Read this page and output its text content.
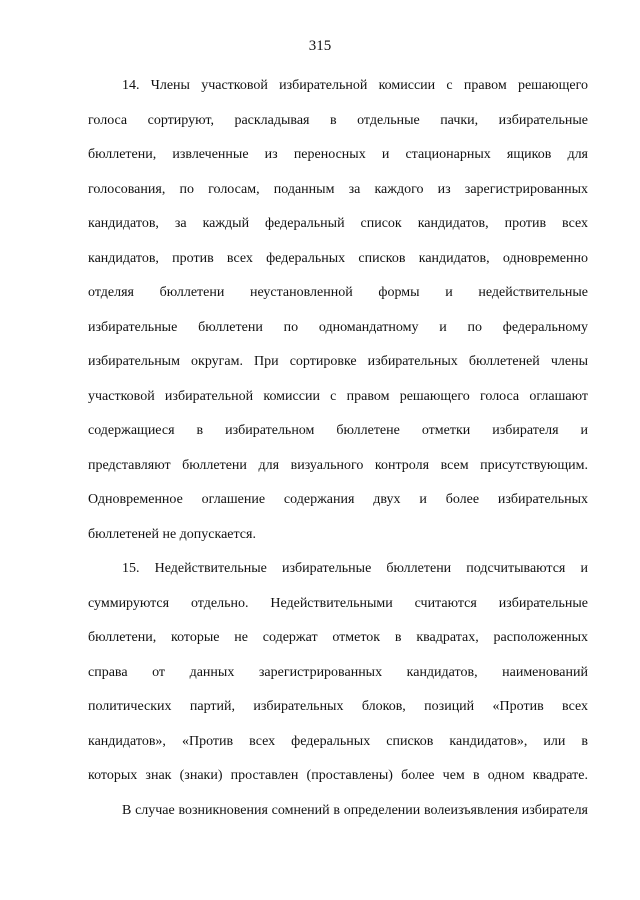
315
14. Члены участковой избирательной комиссии с правом решающего
голоса сортируют, раскладывая в отдельные пачки, избирательные
бюллетени, извлеченные из переносных и стационарных ящиков для
голосования, по голосам, поданным за каждого из зарегистрированных
кандидатов, за каждый федеральный список кандидатов, против всех
кандидатов, против всех федеральных списков кандидатов, одновременно
отделяя бюллетени неустановленной формы и недействительные
избирательные бюллетени по одномандатному и по федеральному
избирательным округам. При сортировке избирательных бюллетеней члены
участковой избирательной комиссии с правом решающего голоса оглашают
содержащиеся в избирательном бюллетене отметки избирателя и
представляют бюллетени для визуального контроля всем присутствующим.
Одновременное оглашение содержания двух и более избирательных
бюллетеней не допускается.
15. Недействительные избирательные бюллетени подсчитываются и
суммируются отдельно. Недействительными считаются избирательные
бюллетени, которые не содержат отметок в квадратах, расположенных
справа от данных зарегистрированных кандидатов, наименований
политических партий, избирательных блоков, позиций «Против всех
кандидатов», «Против всех федеральных списков кандидатов», или в
которых знак (знаки) проставлен (проставлены) более чем в одном квадрате.
В случае возникновения сомнений в определении волеизъявления избирателя
